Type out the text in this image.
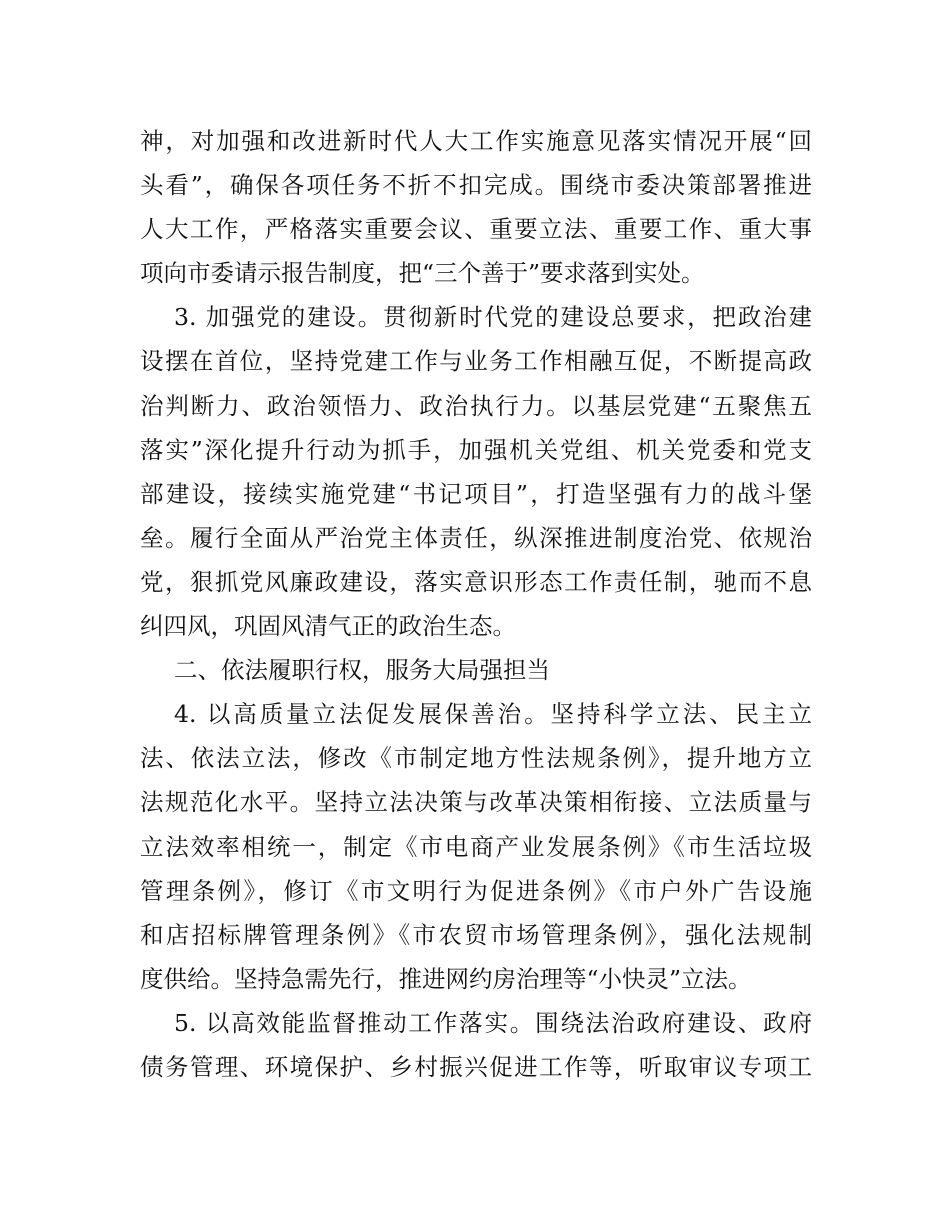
神，对加强和改进新时代人大工作实施意见落实情况开展“回
头看”，确保各项任务不折不扣完成。围绕市委决策部署推进
人大工作，严格落实重要会议、重要立法、重要工作、重大事
项向市委请示报告制度，把“三个善于”要求落到实处。
3. 加强党的建设。贯彻新时代党的建设总要求，把政治建
设摆在首位，坚持党建工作与业务工作相融互促，不断提高政
治判断力、政治领悟力、政治执行力。以基层党建“五聚焦五
落实”深化提升行动为抓手，加强机关党组、机关党委和党支
部建设，接续实施党建“书记项目”，打造坚强有力的战斗堡
垒。履行全面从严治党主体责任，纵深推进制度治党、依规治
党，狠抓党风廉政建设，落实意识形态工作责任制，驰而不息
纠四风，巩固风清气正的政治生态。
二、依法履职行权，服务大局强担当
4. 以高质量立法促发展保善治。坚持科学立法、民主立
法、依法立法，修改《市制定地方性法规条例》，提升地方立
法规范化水平。坚持立法决策与改革决策相衔接、立法质量与
立法效率相统一，制定《市电商产业发展条例》《市生活垃圾
管理条例》，修订《市文明行为促进条例》《市户外广告设施
和店招标牌管理条例》《市农贸市场管理条例》，强化法规制
度供给。坚持急需先行，推进网约房治理等“小快灵”立法。
5. 以高效能监督推动工作落实。围绕法治政府建设、政府
债务管理、环境保护、乡村振兴促进工作等，听取审议专项工
